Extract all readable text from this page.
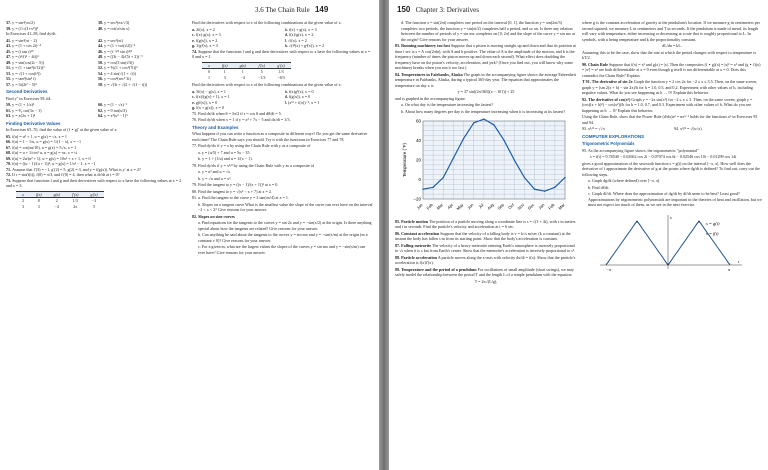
3.6 The Chain Rule 149
37. y = sin²(πx/2)	38. y = sec²(πx/√3)
39. y = (1/√(1+x²))³	40. y = cot(π/sin x)

In Exercises 41–58, find dy/dt.

41. y = sin²(πt − 2)	42. y = sec²(πt)
43. y = (1 + cos 2t)⁻⁴	44. y = (1 + cot(t/2))⁻²
45. y = (t tan t)¹⁰	46. y = (t⁻³/⁴ sin t)⁴/³
47. y = (t²/(t³ − 4t))³	48. y = ((3t − 4)/(5t + 2))⁻⁵
49. y = sin(cos(2t − 5))	50. y = cos(5 sin(t/3))
51. y = (1 + tan⁴(t/12))³	52. y = ⅙(1 + cos²(7t))³
53. y = √(1 + cos(t²))	54. y = 4 sin(√(1 + √t))
55. y = tan²(sin³ t)	56. y = cos⁴(sec² 3t)
57. y = 3t(2t² − 5)⁴	58. y = √(3t + √(2 + √(1 − t)))
Second Derivatives

Find y″ in Exercises 59–64.

59. y = (1 + 1/x)³	60. y = (1 − √x)⁻¹
61. y = ⅟₉ cot(3x − 1)	62. y = 9 tan(x/3)
63. y = x(2x + 1)⁴	64. y = x²(x³ − 1)⁵
Finding Derivative Values

In Exercises 65–70, find the value of (f ∘ g)′ at the given value of x.

65. f(u) = u⁵ + 1, u = g(x) = √x, x = 1
66. f(u) = 1 − 1/u, u = g(x) = 1/(1 − x), x = −1
67. f(u) = cot(πu/10), u = g(x) = 5√x, x = 1
68. f(u) = u + 1/cos² u, u = g(x) = πx, x = ¼
69. f(u) = 2u/(u² + 1), u = g(x) = 10x² + x + 1, x = 0
70. f(u) = ((u − 1)/(u + 1))², u = g(x) = 1/x² − 1, x = −1
71. Assume that f′(3) = −1, g′(2) = 5, g(2) = 3, and y = f(g(x)). What is y′ at x = 2?
72. If r = sin(f(t)), f(0) = π/3, and f′(0) = 4, then what is dr/dt at t = 0?
73. Suppose that functions f and g and their derivatives with respect to x have the following values at x = 2 and x = 3.
x	f(x)	g(x)	f′(x)	g′(x)
2	8	2	1/3	−3
3	3	−4	2π	5

Find the derivatives with respect to x of the following combinations at the given value of x.

a. 2f(x), x = 2	b. f(x) + g(x), x = 3
c. f(x)·g(x), x = 3	d. f(x)/g(x), x = 2
e. f(g(x)), x = 2	f. √f(x), x = 2
g. 1/g²(x), x = 3	h. √(f²(x) + g²(x)), x = 2

74. Suppose that the functions f and g and their derivatives with respect to x have the following values at x = 0 and x = 1.

x	f(x)	g(x)	f′(x)	g′(x)
0	1	1	5	1/3
1	3	−4	−1/3	−8/3

Find the derivatives with respect to x of the following combinations at the given value of x.

a. 5f(x) − g(x), x = 1	b. f(x)g³(x), x = 0
c. f(x)/(g(x) + 1), x = 1	d. f(g(x)), x = 0
e. g(f(x)), x = 0	f. (x¹¹ + f(x))⁻², x = 1
g. f(x + g(x)), x = 0

75. Find ds/dt when θ = 3π/2 if s = cos θ and dθ/dt = 5.

76. Find dy/dt when x = 1 if y = x² + 7x − 5 and dx/dt = 1/3.

Theory and Examples

What happens if you can write a function as a composite in different ways? Do you get the same derivative each time? The Chain Rule says you should. Try it with the functions in Exercises 77 and 78.

77. Find dy/dx if y = x by using the Chain Rule with y as a composite of

a. y = (u/5) + 7 and u = 5x − 35

b. y = 1 + (1/u) and u = 1/(x − 1).

78. Find dy/dx if y = x³/² by using the Chain Rule with y as a composite of

a. y = u³ and u = √x

b. y = √u and u = x³.

79. Find the tangent to y = ((x − 1)/(x + 1))² at x = 0.

80. Find the tangent to y = √(x² − x + 7) at x = 2.

81. a. Find the tangent to the curve y = 2 tan(πx/4) at x = 1.

b. Slopes on a tangent curve What is the smallest value the slope of the curve can ever have on the interval −2 < x < 2? Give reasons for your answer.

82. Slopes on sine curves

a. Find equations for the tangents to the curves y = sin 2x and y = −sin(x/2) at the origin. Is there anything special about how the tangents are related? Give reasons for your answer.

b. Can anything be said about the tangents to the curves y = sin mx and y = −sin(x/m) at the origin (m a constant ≠ 0)? Give reasons for your answer.

c. For a given m, what are the largest values the slopes of the curves y = sin mx and y = −sin(x/m) can ever have? Give reasons for your answer.

150 Chapter 3: Derivatives

d. The function x = sin(2πt) completes one period on the interval [0, 1], the function y = sin(2πt/3) completes two periods, the function y = sin(πt/2) completes half a period, and so on. Is there any relation between the number of periods of y = sin mx completes on [0, 2π] and the slope of the curve y = sin mx at the origin? Give reasons for your answer.

83. Running machinery too fast Suppose that a piston is moving straight up and down and that its position at time t sec is s = A cos(2πbt), with A and b positive. The value of A is the amplitude of the motion, and b is the frequency (number of times the piston moves up and down each second). What effect does doubling the frequency have on the piston's velocity, acceleration, and jerk? (Once you find out, you will know why some machinery breaks when you run it too fast.)

84. Temperatures in Fairbanks, Alaska The graph in the accompanying figure shows the average Fahrenheit temperature in Fairbanks, Alaska, during a typical 365-day year. The equation that approximates the temperature on day x is

y = 37 sin[(2π/365)(x − 101)] + 25

and is graphed in the accompanying figure.

a. On what day is the temperature increasing the fastest?

b. About how many degrees per day is the temperature increasing when it is increasing at its fastest?

60
40
20
0
−20
Jan Feb Mar Apr May Jun Jul Aug Sep Oct Nov Dec Jan Feb Mar
Temperature (°F)

85. Particle motion The position of a particle moving along a coordinate line is s = √(1 + 4t), with s in meters and t in seconds. Find the particle's velocity and acceleration at t = 6 sec.

86. Constant acceleration Suppose that the velocity of a falling body is v = k√s m/sec (k a constant) at the instant the body has fallen s m from its starting point. Show that the body's acceleration is constant.

87. Falling meteorite The velocity of a heavy meteorite entering Earth's atmosphere is inversely proportional to √s when it is s km from Earth's center. Show that the meteorite's acceleration is inversely proportional to s².

88. Particle acceleration A particle moves along the x-axis with velocity dx/dt = f(x). Show that the particle's acceleration is f(x)f′(x).

89. Temperature and the period of a pendulum For oscillations of small amplitude (short swings), we may safely model the relationship between the period T and the length L of a simple pendulum with the equation

T = 2π√(L/g),

where g is the constant acceleration of gravity at the pendulum's location. If we measure g in centimeters per second squared, we measure L in centimeters and T in seconds. If the pendulum is made of metal, its length will vary with temperature, either increasing or decreasing at a rate that is roughly proportional to L. In symbols, with u being temperature and k the proportionality constant,

dL/du = kL.

Assuming this to be the case, show that the rate at which the period changes with respect to temperature is kT/2.

90. Chain Rule Suppose that f(x) = x² and g(x) = |x|. Then the composites (f ∘ g)(x) = |x|² = x² and (g ∘ f)(x) = |x²| = x² are both differentiable at x = 0 even though g itself is not differentiable at x = 0. Does this contradict the Chain Rule? Explain.

T 91. The derivative of sin 2x Graph the function y = 2 cos 2x for −2 ≤ x ≤ 3.5. Then, on the same screen, graph y = (sin 2(x + h) − sin 2x)/h for h = 1.0, 0.5, and 0.2. Experiment with other values of h, including negative values. What do you see happening as h → 0? Explain this behavior.

92. The derivative of cos(x²) Graph y = −2x sin(x²) for −2 ≤ x ≤ 3. Then, on the same screen, graph y = (cos((x + h)²) − cos(x²))/h for h = 1.0, 0.7, and 0.3. Experiment with other values of h. What do you see happening as h → 0? Explain this behavior.

Using the Chain Rule, show that the Power Rule (d/dx)xⁿ = nxⁿ⁻¹ holds for the functions xⁿ in Exercises 93 and 94.

93. x¹/⁴ = √√x	94. x³/⁴ = √(x√x)
COMPUTER EXPLORATIONS
Trigonometric Polynomials

95. As the accompanying figure shows, the trigonometric "polynomial"

s = f(t) = 0.78540 − 0.63662 cos 2t − 0.07074 cos 6t − 0.02546 cos 10t − 0.01299 cos 14t

gives a good approximation of the sawtooth function s = g(t) on the interval [−π, π]. How well does the derivative of f approximate the derivative of g at the points where dg/dt is defined? To find out, carry out the following steps.

a. Graph dg/dt (where defined) over [−π, π].

b. Find df/dt.

c. Graph df/dt. Where does the approximation of dg/dt by df/dt seem to be best? Least good? Approximations by trigonometric polynomials are important in the theories of heat and oscillation, but we must not expect too much of them, as we see in the next exercise.

s = g(t)
s = f(t)
−π	π
t
s
